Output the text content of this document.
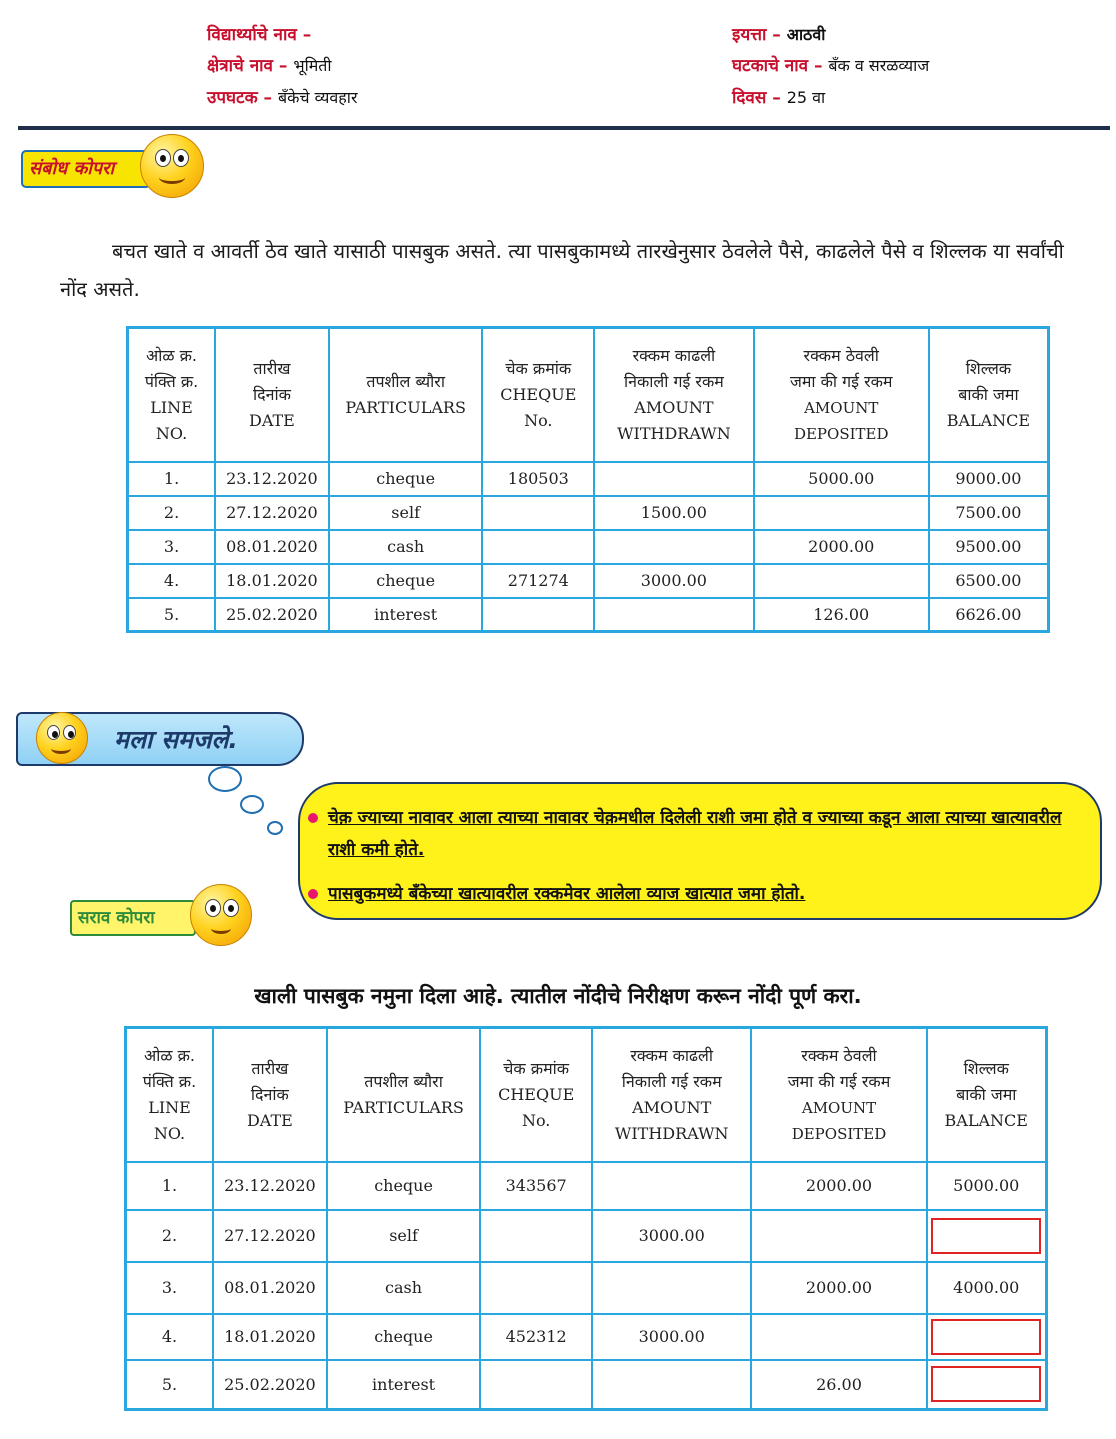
विद्यार्थ्याचे नाव –
क्षेत्राचे नाव – भूमिती
उपघटक – बँकेचे व्यवहार
इयत्ता – आठवी
घटकाचे नाव – बँक व सरळव्याज
दिवस – 25 वा
संबोध कोपरा
बचत खाते व आवर्ती ठेव खाते यासाठी पासबुक असते. त्या पासबुकामध्ये तारखेनुसार ठेवलेले पैसे, काढलेले पैसे व शिल्लक या सर्वांची नोंद असते.
ओळ क्र.
पंक्ति क्र.
LINE
NO.	तारीख
दिनांक
DATE	तपशील ब्यौरा
PARTICULARS	चेक क्रमांक
CHEQUE
No.	रक्कम काढली
निकाली गई रकम
AMOUNT
WITHDRAWN	रक्कम ठेवली
जमा की गई रकम
AMOUNT DEPOSITED	शिल्लक
बाकी जमा
BALANCE
1.	23.12.2020	cheque	180503		5000.00	9000.00
2.	27.12.2020	self		1500.00		7500.00
3.	08.01.2020	cash			2000.00	9500.00
4.	18.01.2020	cheque	271274	3000.00		6500.00
5.	25.02.2020	interest			126.00	6626.00
मला समजले.
चेक़ ज्याच्या नावावर आला त्याच्या नावावर चेक़मधील दिलेली राशी जमा होते व ज्याच्या कडून आला त्याच्या खात्यावरील राशी कमी होते.
पासबुकमध्ये बँकेच्या खात्यावरील रक्कमेवर आलेला व्याज खात्यात जमा होतो.
सराव कोपरा
खाली पासबुक नमुना दिला आहे. त्यातील नोंदीचे निरीक्षण करून नोंदी पूर्ण करा.
ओळ क्र.
पंक्ति क्र.
LINE
NO.	तारीख
दिनांक
DATE	तपशील ब्यौरा
PARTICULARS	चेक क्रमांक
CHEQUE
No.	रक्कम काढली
निकाली गई रकम
AMOUNT
WITHDRAWN	रक्कम ठेवली
जमा की गई रकम
AMOUNT DEPOSITED	शिल्लक
बाकी जमा
BALANCE
1.	23.12.2020	cheque	343567		2000.00	5000.00
2.	27.12.2020	self		3000.00		
3.	08.01.2020	cash			2000.00	4000.00
4.	18.01.2020	cheque	452312	3000.00		
5.	25.02.2020	interest			26.00	
